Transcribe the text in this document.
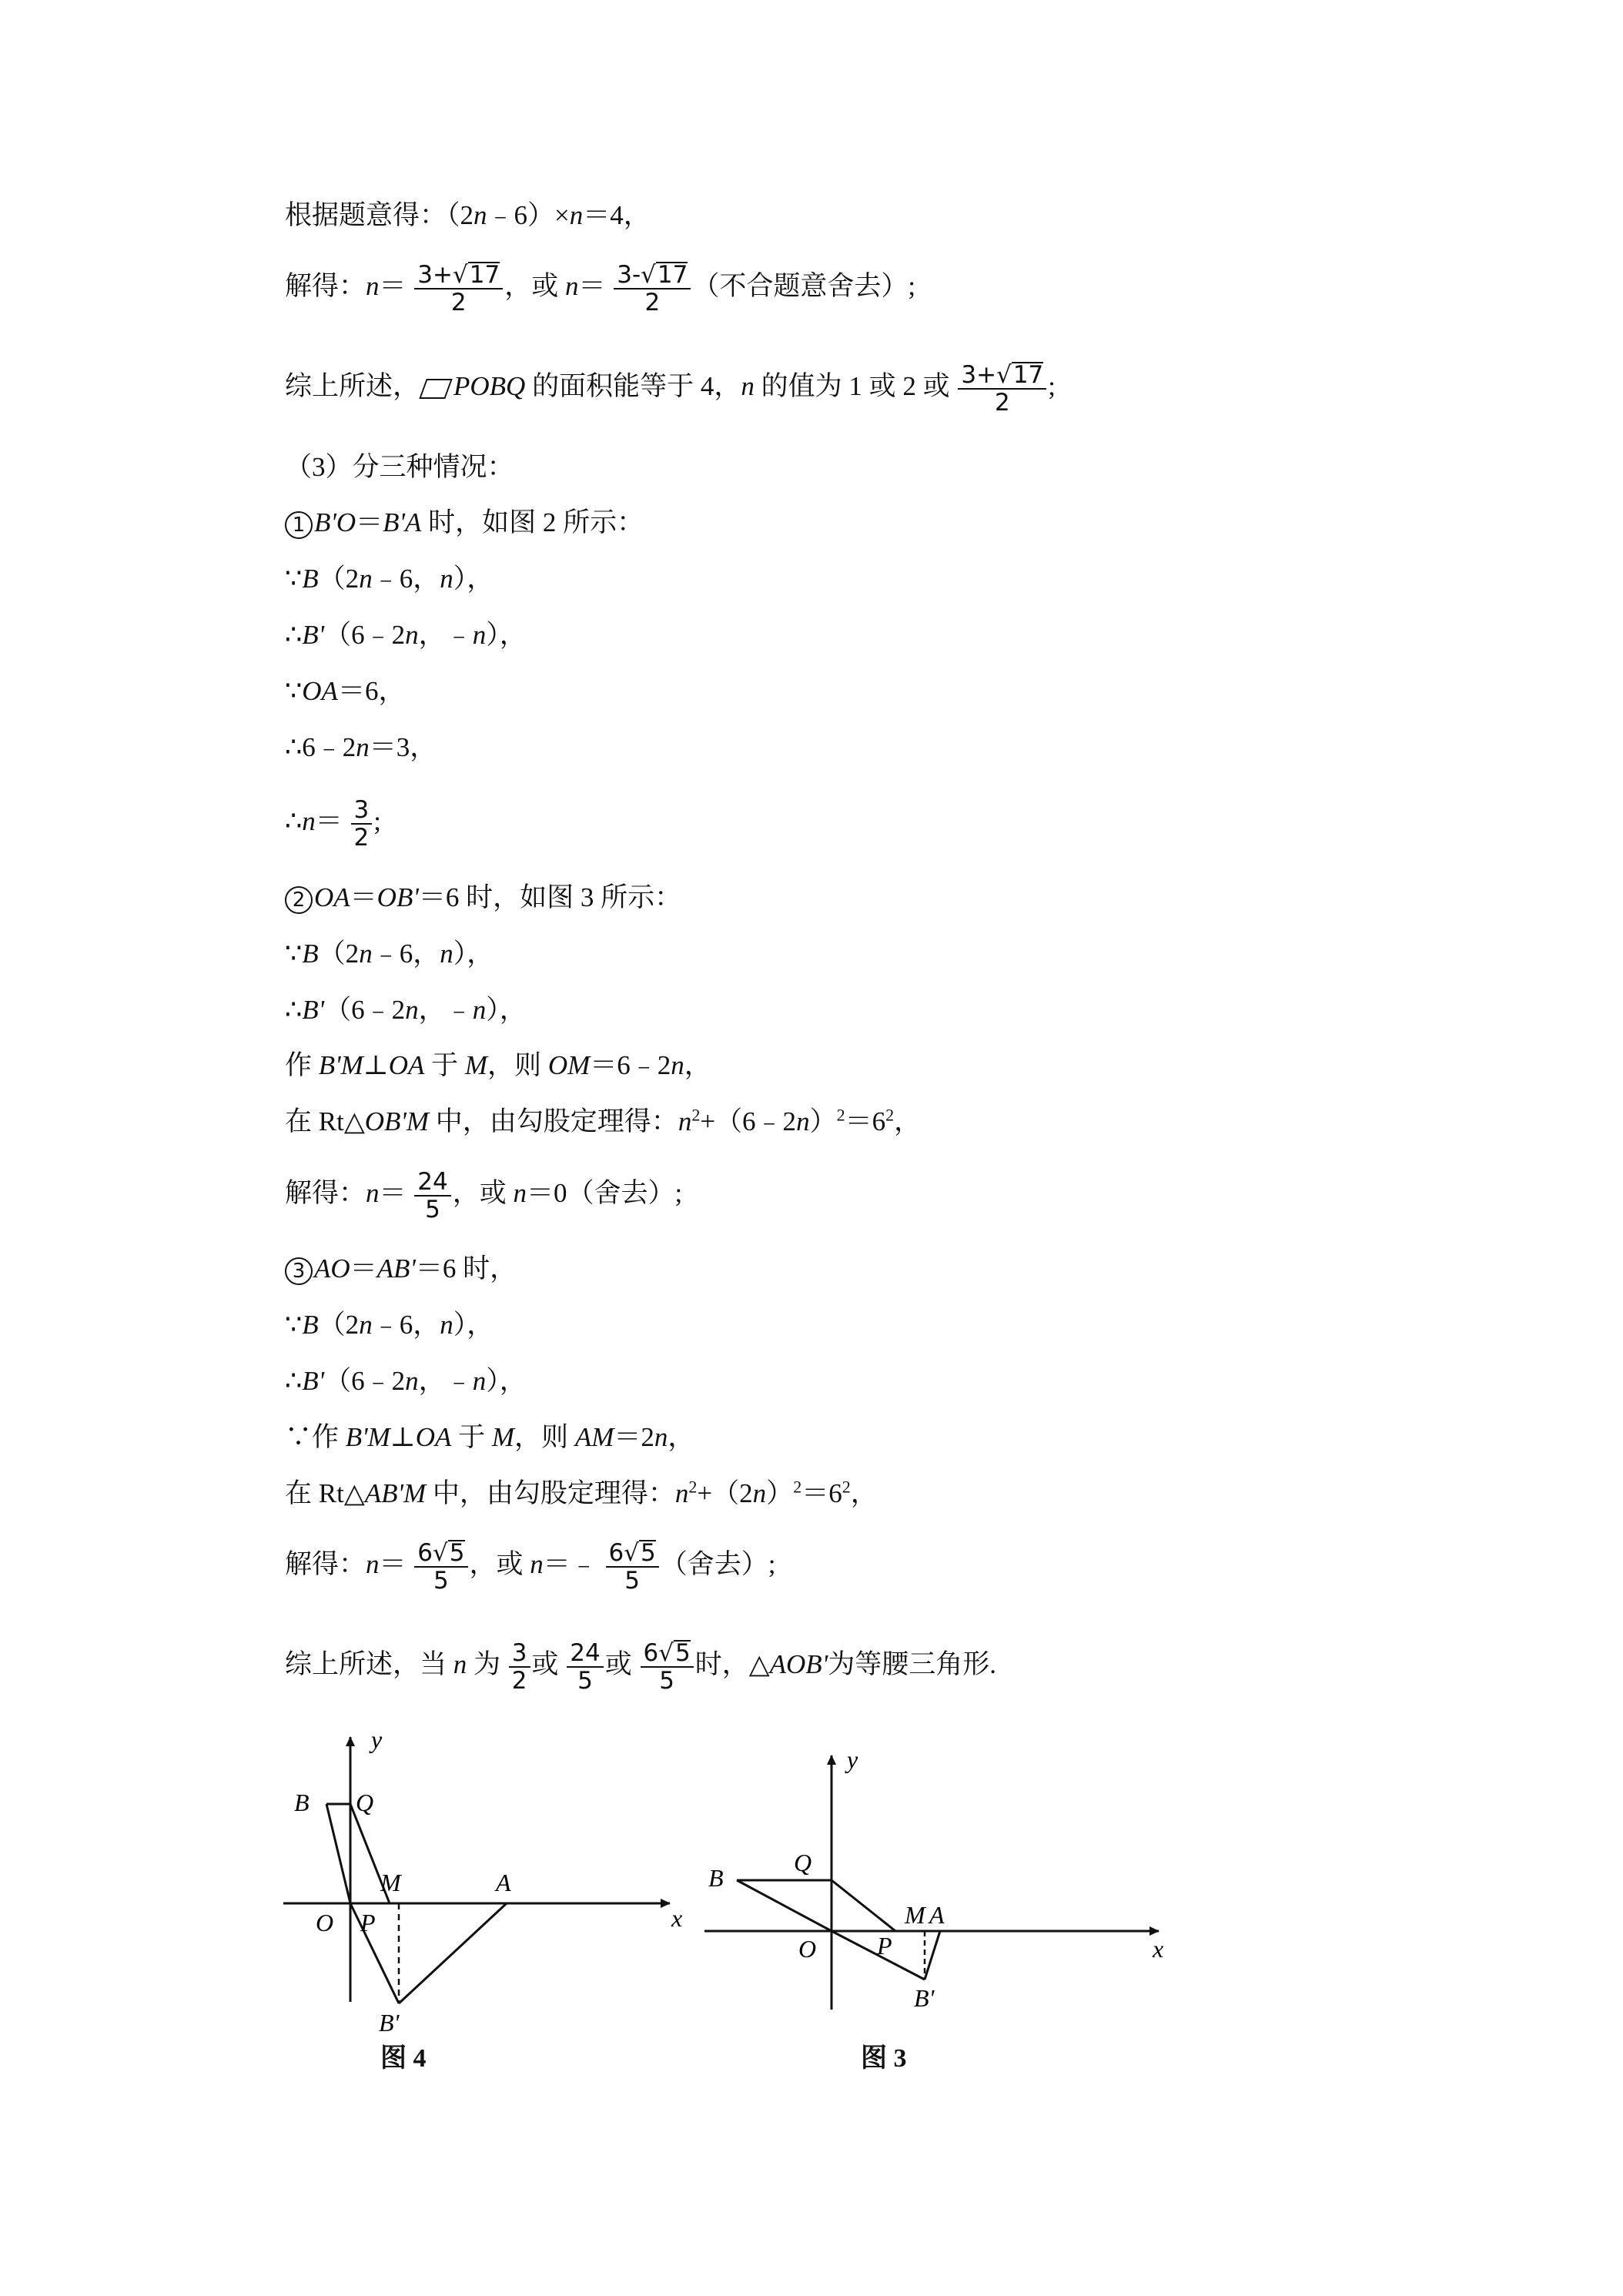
根据题意得：（2n﹣6）×n＝4，
解得：$n= \frac{3+√17}{2}$ ，或 $n= \frac{3-√17}{2}$ （不合题意舍去）;
综上所述， POBQ 的面积能等于 4，n 的值为 1 或 2 或 $\frac{3+√17}{2}$ ;
（3）分三种情况：
1 B'O＝B'A 时，如图 2 所示：
∵B（2n﹣6，n），
∴B'（6﹣2n，﹣n），
∵OA＝6，
∴6﹣2n＝3，
∴n＝ $\frac{3}{2}$ ;
2 OA＝OB'＝6 时，如图 3 所示：
∵B（2n﹣6，n），
∴B'（6﹣2n，﹣n），
作 B'M⊥OA 于 M，则 OM＝6﹣2n，
在 Rt△OB'M 中，由勾股定理得：$n^2+(6﹣2n)^2=6^2$，
解得：$n= \frac{24}{5}$ ，或 n＝0（舍去）;
3 AO＝AB'＝6 时，
∵B（2n﹣6，n），
∴B'（6﹣2n，﹣n），
∵作 B'M⊥OA 于 M，则 AM＝2n，
在 Rt△AB'M 中，由勾股定理得：$n^2+(2n)^2=6^2$，
解得：$n= \frac{6√5}{5}$ ，或 n＝﹣ $\frac{6√5}{5}$ （舍去）;
综上所述，当 n 为 $\frac{3}{2}$ 或 $\frac{24}{5}$ 或 $\frac{6√5}{5}$ 时，△AOB'为等腰三角形.
y
B Q
M	A
O P	x
B'
图 4
y
B
Q
M A
O P	x
B'
图 3
